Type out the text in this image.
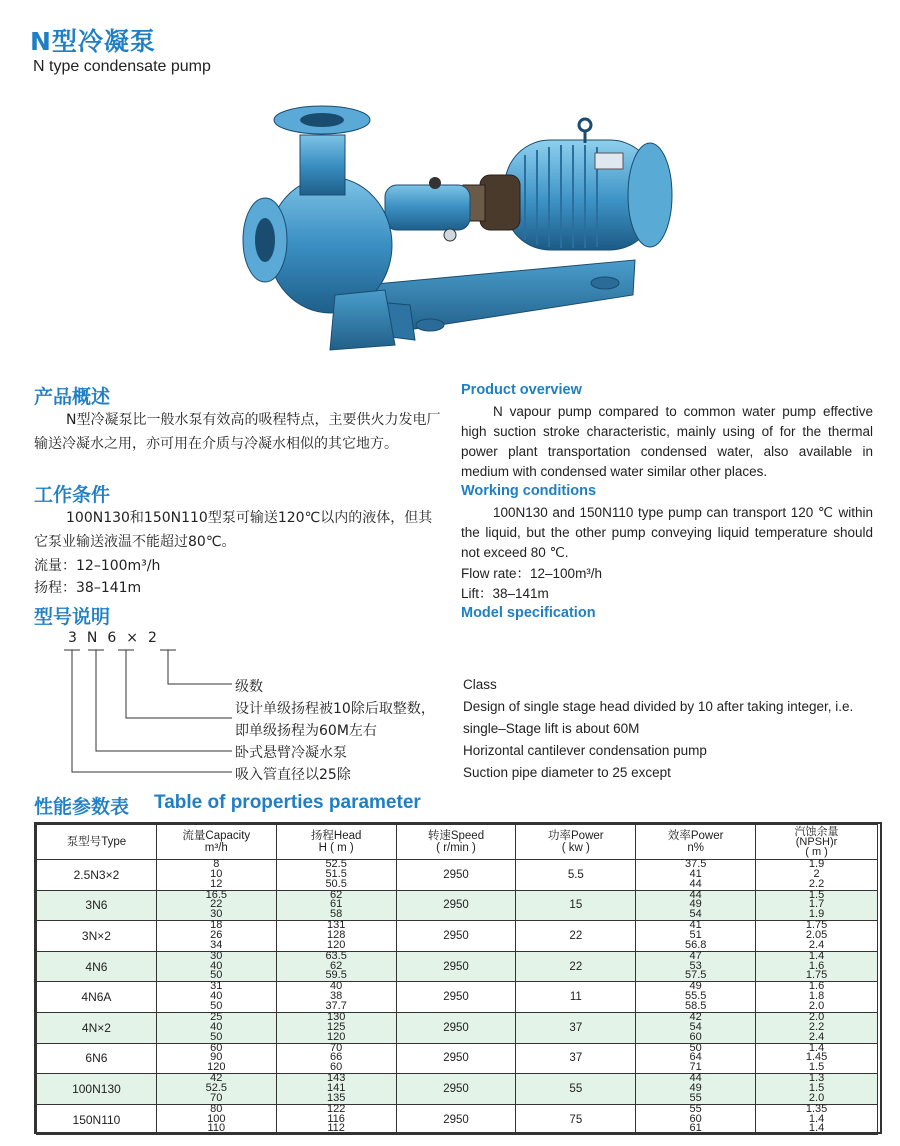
N型冷凝泵
N type condensate pump
产品概述
N型冷凝泵比一般水泵有效高的吸程特点，主要供火力发电厂输送冷凝水之用，亦可用在介质与冷凝水相似的其它地方。
Product overview
N vapour pump compared to common water pump effective high suction stroke characteristic, mainly using of for the thermal power plant transportation condensed water, also available in medium with condensed water similar other places.
工作条件
100N130和150N110型泵可输送120℃以内的液体，但其它泵业输送液温不能超过80℃。
流量：12–100m³/h
扬程：38–141m
Working conditions
100N130 and 150N110 type pump can transport 120 ℃ within the liquid, but the other pump conveying liquid temperature should not exceed 80 ℃.
Flow rate：12–100m³/h
Lift：38–141m
型号说明	Model specification
3N6×2
级数
设计单级扬程被10除后取整数，
即单级扬程为60M左右
卧式悬臂冷凝水泵
吸入管直径以25除
Class
Design of single stage head divided by 10 after taking integer, i.e.
single–Stage lift is about 60M
Horizontal cantilever condensation pump
Suction pipe diameter to 25 except
性能参数表 Table of properties parameter
泵型号Type	流量Capacity
m³/h	扬程Head
H ( m )	转速Speed
( r/min )	功率Power
( kw )	效率Power
n%	汽蚀余量
(NPSH)r
( m )
2.5N3×2	8
10
12	52.5
51.5
50.5	2950	5.5	37.5
41
44	1.9
2
2.2

3N6	16.5
22
30	62
61
58	2950	15	44
49
54	1.5
1.7
1.9

3N×2	18
26
34	131
128
120	2950	22	41
51
56.8	1.75
2.05
2.4

4N6	30
40
50	63.5
62
59.5	2950	22	47
53
57.5	1.4
1.6
1.75

4N6A	31
40
50	40
38
37.7	2950	11	49
55.5
58.5	1.6
1.8
2.0

4N×2	25
40
50	130
125
120	2950	37	42
54
60	2.0
2.2
2.4

6N6	60
90
120	70
66
60	2950	37	50
64
71	1.4
1.45
1.5

100N130	42
52.5
70	143
141
135	2950	55	44
49
55	1.3
1.5
2.0

150N110	80
100
110	122
116
112	2950	75	55
60
61	1.35
1.4
1.4
